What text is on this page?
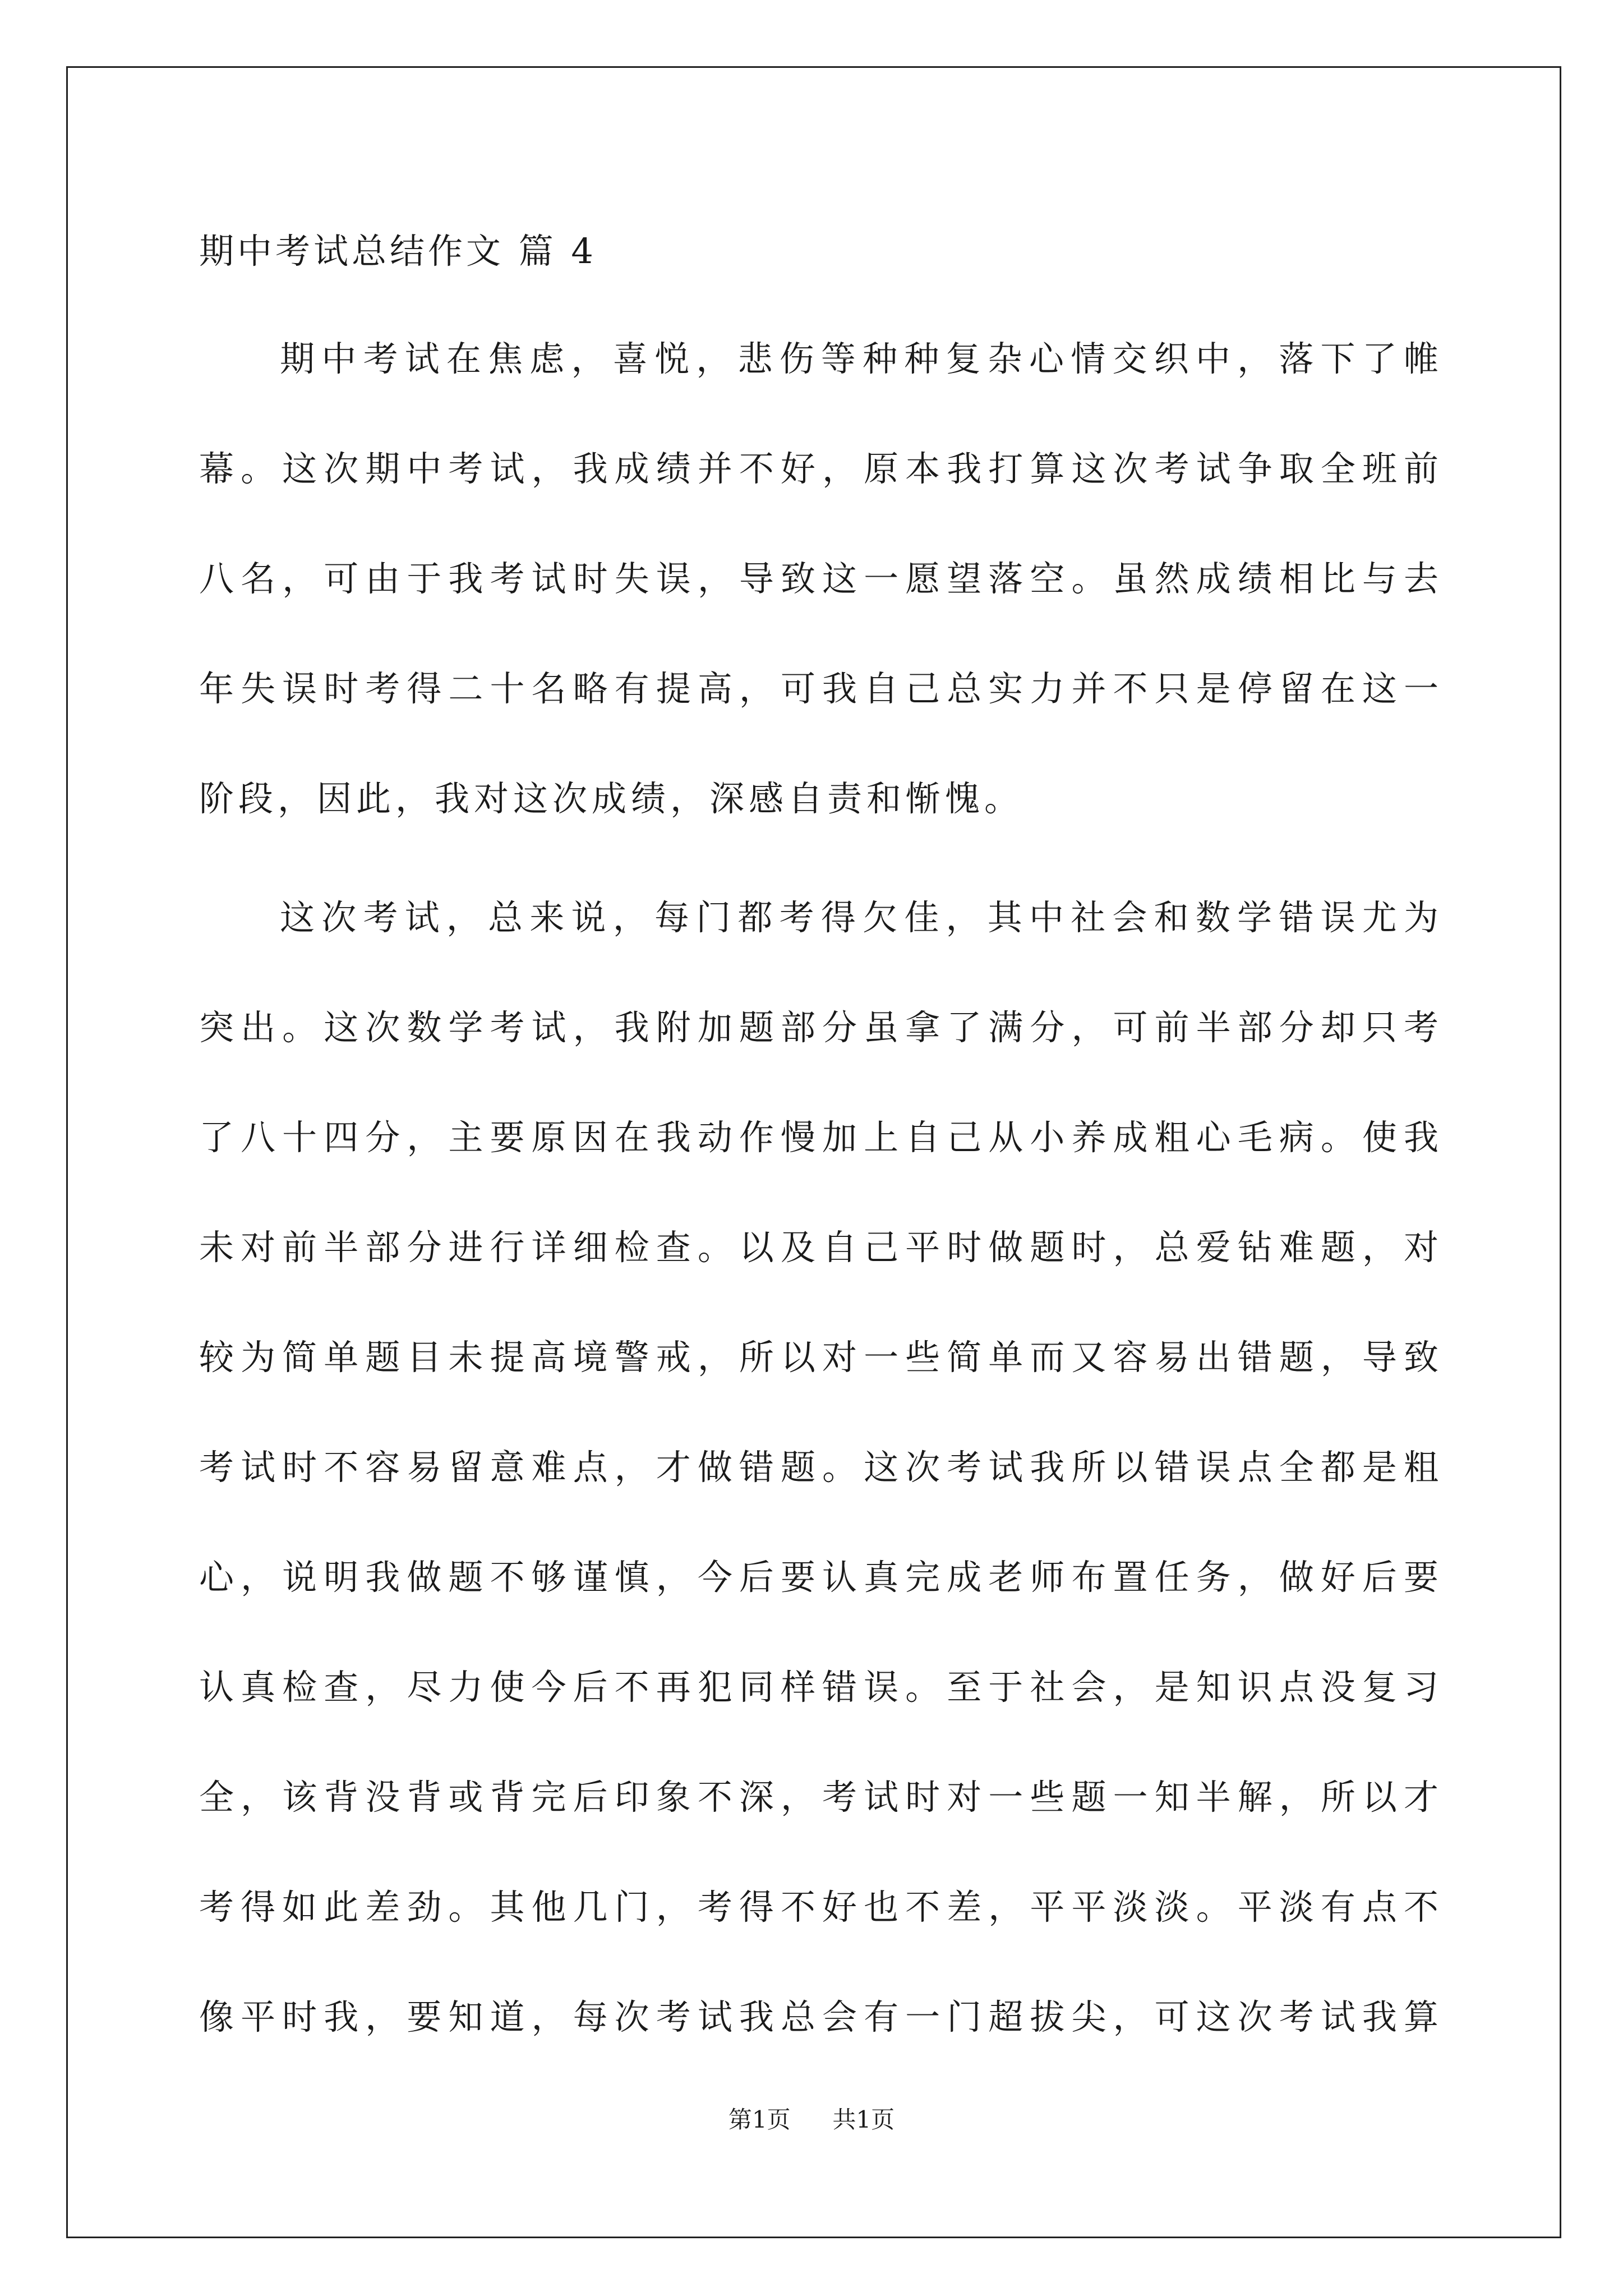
期中考试总结作文 篇 4
期中考试在焦虑，喜悦，悲伤等种种复杂心情交织中，落下了帷
幕。这次期中考试，我成绩并不好，原本我打算这次考试争取全班前
八名，可由于我考试时失误，导致这一愿望落空。虽然成绩相比与去
年失误时考得二十名略有提高，可我自己总实力并不只是停留在这一
阶段，因此，我对这次成绩，深感自责和惭愧。
这次考试，总来说，每门都考得欠佳，其中社会和数学错误尤为
突出。这次数学考试，我附加题部分虽拿了满分，可前半部分却只考
了八十四分，主要原因在我动作慢加上自己从小养成粗心毛病。使我
未对前半部分进行详细检查。以及自己平时做题时，总爱钻难题，对
较为简单题目未提高境警戒，所以对一些简单而又容易出错题，导致
考试时不容易留意难点，才做错题。这次考试我所以错误点全都是粗
心，说明我做题不够谨慎，今后要认真完成老师布置任务，做好后要
认真检查，尽力使今后不再犯同样错误。至于社会，是知识点没复习
全，该背没背或背完后印象不深，考试时对一些题一知半解，所以才
考得如此差劲。其他几门，考得不好也不差，平平淡淡。平淡有点不
像平时我，要知道，每次考试我总会有一门超拔尖，可这次考试我算
第1页 共1页
